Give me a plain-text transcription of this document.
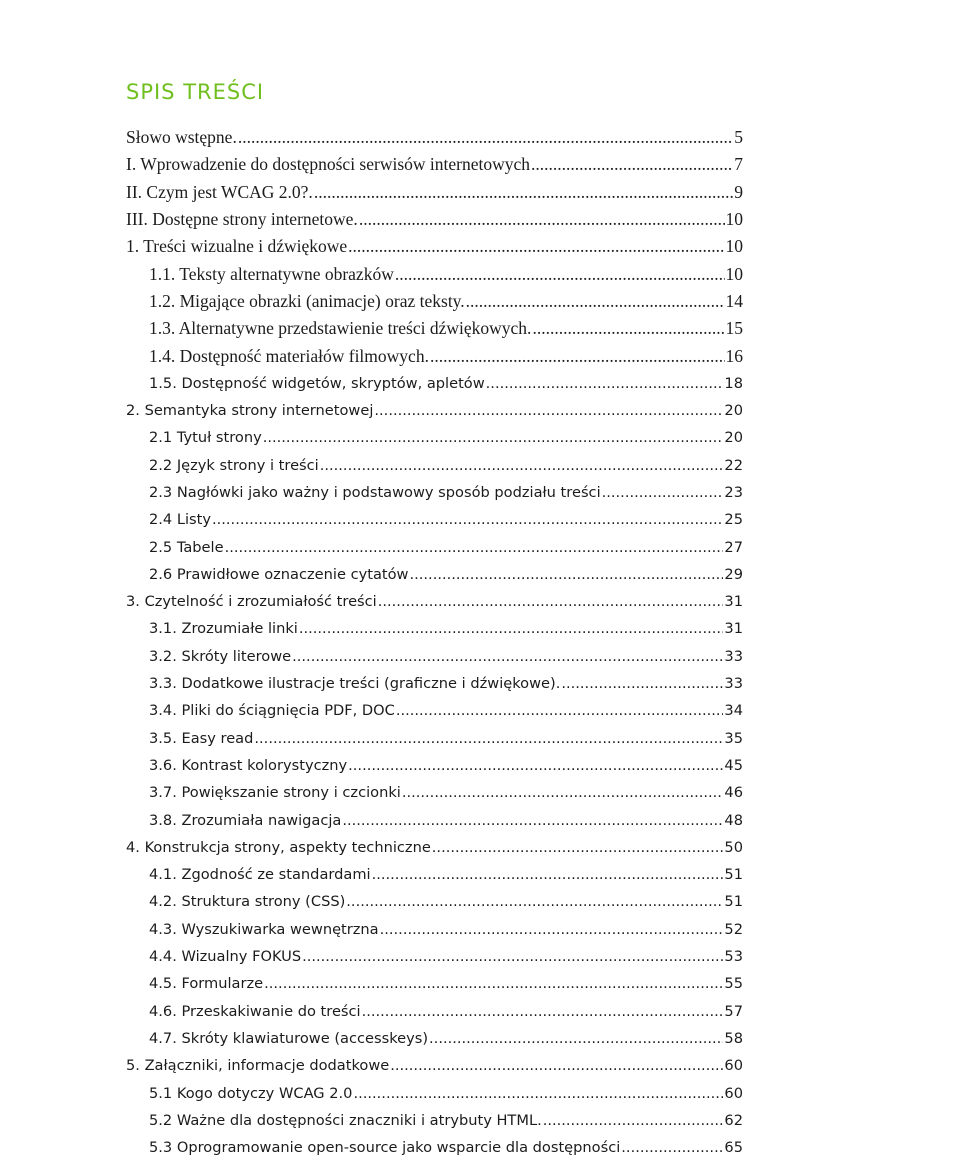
SPIS TREŚCI
Słowo wstępne. .....	5
I. Wprowadzenie do dostępności serwisów internetowych .....	7
II. Czym jest WCAG 2.0?. .....	9
III. Dostępne strony internetowe. .....	10
1. Treści wizualne i dźwiękowe .....	10
1.1. Teksty alternatywne obrazków .....	10
1.2. Migające obrazki (animacje) oraz teksty. .....	14
1.3. Alternatywne przedstawienie treści dźwiękowych. .....	15
1.4. Dostępność materiałów filmowych. .....	16
1.5. Dostępność widgetów, skryptów, apletów .....	18
2. Semantyka strony internetowej .....	20
2.1 Tytuł strony .....	20
2.2 Język strony i treści .....	22
2.3 Nagłówki jako ważny i podstawowy sposób podziału treści .....	23
2.4 Listy .....	25
2.5 Tabele .....	27
2.6 Prawidłowe oznaczenie cytatów .....	29
3. Czytelność i zrozumiałość treści .....	31
3.1. Zrozumiałe linki .....	31
3.2. Skróty literowe .....	33
3.3. Dodatkowe ilustracje treści (graficzne i dźwiękowe). .....	33
3.4. Pliki do ściągnięcia PDF, DOC .....	34
3.5. Easy read .....	35
3.6. Kontrast kolorystyczny .....	45
3.7. Powiększanie strony i czcionki .....	46
3.8. Zrozumiała nawigacja .....	48
4. Konstrukcja strony, aspekty techniczne .....	50
4.1. Zgodność ze standardami .....	51
4.2. Struktura strony (CSS) .....	51
4.3. Wyszukiwarka wewnętrzna .....	52
4.4. Wizualny FOKUS .....	53
4.5. Formularze .....	55
4.6. Przeskakiwanie do treści .....	57
4.7. Skróty klawiaturowe (accesskeys) .....	58
5. Załączniki, informacje dodatkowe .....	60
5.1 Kogo dotyczy WCAG 2.0 .....	60
5.2 Ważne dla dostępności znaczniki i atrybuty HTML. .....	62
5.3 Oprogramowanie open-source jako wsparcie dla dostępności .....	65
